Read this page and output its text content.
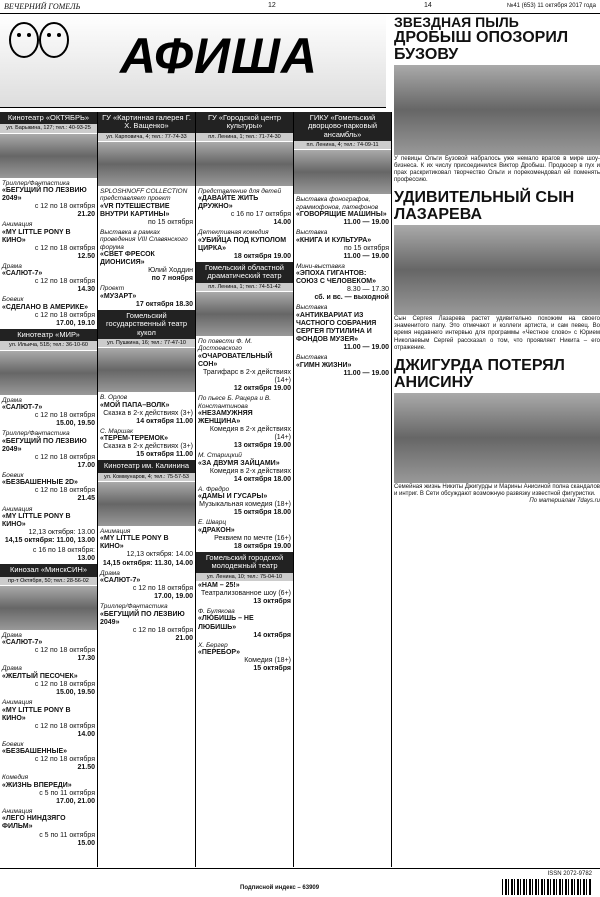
ВЕЧЕРНИЙ ГОМЕЛЬ	12	14	№41 (653) 11 октября 2017 года
АФИША
Кинотеатр «ОКТЯБРЬ»
ул. Барыкина, 127; тел.: 40-93-25
Триллер/Фантастика
«БЕГУЩИЙ ПО ЛЕЗВИЮ 2049»
с 12 по 18 октября
21.20
Анимация
«MY LITTLE PONY В КИНО»
с 12 по 18 октября
12.50
Драма
«САЛЮТ-7»
с 12 по 18 октября
14.30
Боевик
«СДЕЛАНО В АМЕРИКЕ»
с 12 по 18 октября
17.00, 19.10
Кинотеатр «МИР»
ул. Ильича, 51Б; тел.: 36-10-60
Драма
«САЛЮТ-7»
с 12 по 18 октября
15.00, 19.50
Триллер/Фантастика
«БЕГУЩИЙ ПО ЛЕЗВИЮ 2049»
с 12 по 18 октября
17.00
Боевик
«БЕЗБАШЕННЫЕ 2D»
с 12 по 18 октября
21.45
Анимация
«MY LITTLE PONY В КИНО»
12,13 октября: 13.00
14,15 октября: 11.00, 13.00
с 16 по 18 октября:
13.00
Кинозал «МинскСИН»
пр-т Октября, 50; тел.: 28-56-02
Драма
«САЛЮТ-7»
с 12 по 18 октября
17.30
Драма
«ЖЕЛТЫЙ ПЕСОЧЕК»
с 12 по 18 октября
15.00, 19.50
Анимация
«MY LITTLE PONY В КИНО»
с 12 по 18 октября
14.00
Боевик
«БЕЗБАШЕННЫЕ»
с 12 по 18 октября
21.50
Комедия
«ЖИЗНЬ ВПЕРЕДИ»
с 5 по 11 октября
17.00, 21.00
Анимация
«ЛЕГО НИНДЗЯГО ФИЛЬМ»
с 5 по 11 октября
15.00
ГУ «Картинная галерея Г. Х. Ващенко»
ул. Карповича, 4; тел.: 77-74-33
SPLOSHNOFF COLLECTION представляет проект
«VR ПУТЕШЕСТВИЕ ВНУТРИ КАРТИНЫ»
по 15 октября
Выставка в рамках проведения VIII Славянского форума
«СВЕТ ФРЕСОК ДИОНИСИЯ»
Юлий Ходдин
по 7 ноября
Проект
«МУЗАРТ»
17 октября 18.30
Гомельский государственный театр кукол
ул. Пушкина, 16; тел.: 77-47-10
В. Орлов
«МОЙ ПАПА–ВОЛК»
Сказка в 2-х действиях (3+)
14 октября 11.00
С. Маршак
«ТЕРЕМ-ТЕРЕМОК»
Сказка в 2-х действиях (3+)
15 октября 11.00
Кинотеатр им. Калинина
ул. Коммунаров, 4; тел.: 75-57-53
Анимация
«MY LITTLE PONY В КИНО»
12,13 октября: 14.00
14,15 октября: 11.30, 14.00
Драма
«САЛЮТ-7»
с 12 по 18 октября
17.00, 19.00
Триллер/Фантастика
«БЕГУЩИЙ ПО ЛЕЗВИЮ 2049»
с 12 по 18 октября
21.00
ГУ «Городской центр культуры»
пл. Ленина, 1; тел.: 71-74-30
Представление для детей
«ДАВАЙТЕ ЖИТЬ ДРУЖНО»
с 16 по 17 октября
14.00
Детективная комедия
«УБИЙЦА ПОД КУПОЛОМ ЦИРКА»
18 октября 19.00
Гомельский областной драматический театр
пл. Ленина, 1; тел.: 74-51-42
По повести Ф. М. Достоевского
«ОЧАРОВАТЕЛЬНЫЙ СОН»
Трагифарс в 2-х действиях (14+)
12 октября 19.00
По пьесе Б. Рацера и В. Константинова
«НЕЗАМУЖНЯЯ ЖЕНЩИНА»
Комедия в 2-х действиях (14+)
13 октября 19.00
М. Старицкий
«ЗА ДВУМЯ ЗАЙЦАМИ»
Комедия в 2-х действиях
14 октября 18.00
А. Фредро
«ДАМЫ И ГУСАРЫ»
Музыкальная комедия (18+)
15 октября 18.00
Е. Шварц
«ДРАКОН»
Реквием по мечте (16+)
18 октября 19.00
Гомельский городской молодежный театр
ул. Ленина, 10; тел.: 75-04-10
«НАМ – 25!»
Театрализованное шоу (6+)
13 октября
Ф. Булякова
«ЛЮБИШЬ – НЕ ЛЮБИШЬ»
14 октября
Х. Бергер
«ПЕРЕБОР»
Комедия (18+)
15 октября
ГИКУ «Гомельский дворцово-парковый ансамбль»
пл. Ленина, 4; тел.: 74-09-11
Выставка фонографов, граммофонов, патефонов
«ГОВОРЯЩИЕ МАШИНЫ»
11.00 — 19.00
Выставка
«КНИГА И КУЛЬТУРА»
по 15 октября
11.00 — 19.00
Мини-выставка
«ЭПОХА ГИГАНТОВ: СОЮЗ С ЧЕЛОВЕКОМ»
8.30 — 17.30
сб. и вс. — выходной
Выставка
«АНТИКВАРИАТ ИЗ ЧАСТНОГО СОБРАНИЯ СЕРГЕЯ ПУТИЛИНА И ФОНДОВ МУЗЕЯ»
11.00 — 19.00
Выставка
«ГИМН ЖИЗНИ»
11.00 — 19.00
ЗВЕЗДНАЯ ПЫЛЬ
ДРОБЫШ ОПОЗОРИЛ БУЗОВУ

У певицы Ольги Бузовой набралось уже немало врагов в мире шоу-бизнеса. К их числу присоединился Виктор Дробыш. Продюсер в пух и прах раскритиковал творчество Ольги и порекомендовал ей поменять профессию.

УДИВИТЕЛЬНЫЙ СЫН ЛАЗАРЕВА

Сын Сергея Лазарева растет удивительно похожим на своего знаменитого папу. Это отмечают и коллеги артиста, и сам певец. Во время недавнего интервью для программы «Честное слово» с Юрием Николаевым Сергей рассказал о том, что проявляет Никита – его отражение.

ДЖИГУРДА ПОТЕРЯЛ АНИСИНУ

Семейная жизнь Никиты Джигурды и Марины Анисиной полна скандалов и интриг. В Сети обсуждают возможную развязку известной фигуристки.

По материалам 7days.ru

Подписной индекс – 63909
ISSN 2072-9782
